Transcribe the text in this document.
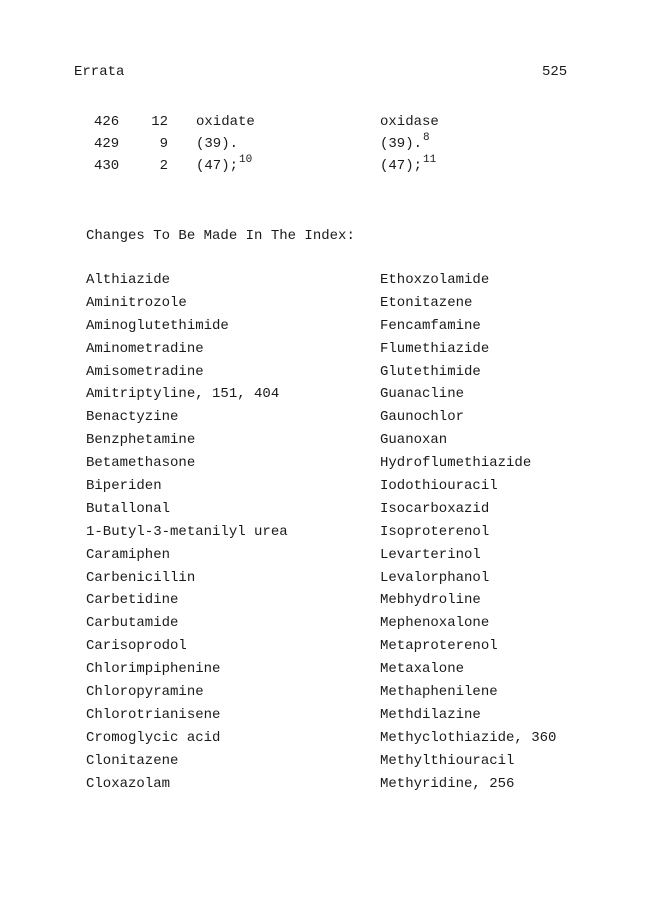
Errata	525
426	12 oxidate	oxidase
429	9 (39).	(39).$^8$
430	2 (47);$^{10}$	(47);$^{11}$
Changes To Be Made In The Index:
Althiazide
Aminitrozole
Aminoglutethimide
Aminometradine
Amisometradine
Amitriptyline, 151, 404
Benactyzine
Benzphetamine
Betamethasone
Biperiden
Butallonal
1-Butyl-3-metanilyl urea
Caramiphen
Carbenicillin
Carbetidine
Carbutamide
Carisoprodol
Chlorimpiphenine
Chloropyramine
Chlorotrianisene
Cromoglycic acid
Clonitazene
Cloxazolam
Ethoxzolamide
Etonitazene
Fencamfamine
Flumethiazide
Glutethimide
Guanacline
Gaunochlor
Guanoxan
Hydroflumethiazide
Iodothiouracil
Isocarboxazid
Isoproterenol
Levarterinol
Levalorphanol
Mebhydroline
Mephenoxalone
Metaproterenol
Metaxalone
Methaphenilene
Methdilazine
Methyclothiazide, 360
Methylthiouracil
Methyridine, 256
